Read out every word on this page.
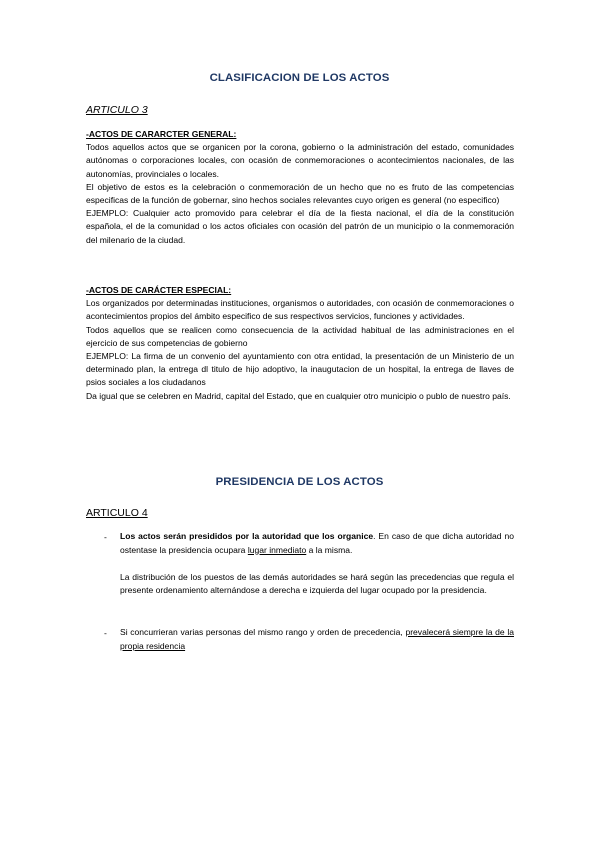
CLASIFICACION DE LOS ACTOS
ARTICULO 3

-ACTOS DE CARARCTER GENERAL:

Todos aquellos actos que se organicen por la corona, gobierno o la administración del estado, comunidades autónomas o corporaciones locales, con ocasión de conmemoraciones o acontecimientos nacionales, de las autonomías, provinciales o locales.

El objetivo de estos es la celebración o conmemoración de un hecho que no es fruto de las competencias especificas de la función de gobernar, sino hechos sociales relevantes cuyo origen es general (no especifico)

EJEMPLO: Cualquier acto promovido para celebrar el día de la fiesta nacional, el día de la constitución española, el de la comunidad o los actos oficiales con ocasión del patrón de un municipio o la conmemoración del milenario de la ciudad.

-ACTOS DE CARÁCTER ESPECIAL:

Los organizados por determinadas instituciones, organismos o autoridades, con ocasión de conmemoraciones o acontecimientos propios del ámbito especifico de sus respectivos servicios, funciones y actividades.

Todos aquellos que se realicen como consecuencia de la actividad habitual de las administraciones en el ejercicio de sus competencias de gobierno

EJEMPLO: La firma de un convenio del ayuntamiento con otra entidad, la presentación de un Ministerio de un determinado plan, la entrega dl titulo de hijo adoptivo, la inaugutacion de un hospital, la entrega de llaves de psios sociales a los ciudadanos

Da igual que se celebren en Madrid, capital del Estado, que en cualquier otro municipio o publo de nuestro país.

PRESIDENCIA DE LOS ACTOS
ARTICULO 4
- Los actos serán presididos por la autoridad que los organice. En caso de que dicha autoridad no ostentase la presidencia ocupara lugar inmediato a la misma.

La distribución de los puestos de las demás autoridades se hará según las precedencias que regula el presente ordenamiento alternándose a derecha e izquierda del lugar ocupado por la presidencia.

- Si concurrieran varias personas del mismo rango y orden de precedencia, prevalecerá siempre la de la propia residencia
